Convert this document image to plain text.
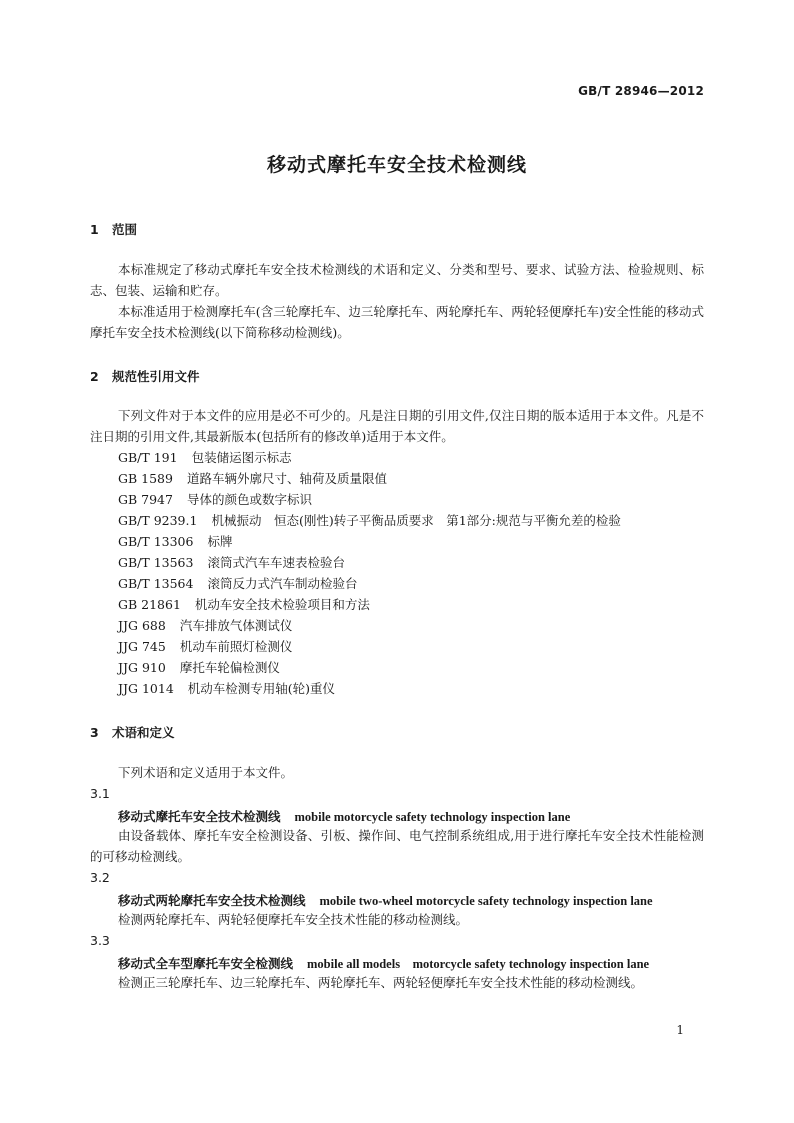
GB/T 28946—2012
移动式摩托车安全技术检测线
1 范围

本标准规定了移动式摩托车安全技术检测线的术语和定义、分类和型号、要求、试验方法、检验规则、标志、包装、运输和贮存。

本标准适用于检测摩托车(含三轮摩托车、边三轮摩托车、两轮摩托车、两轮轻便摩托车)安全性能的移动式摩托车安全技术检测线(以下简称移动检测线)。

2 规范性引用文件

下列文件对于本文件的应用是必不可少的。凡是注日期的引用文件,仅注日期的版本适用于本文件。凡是不注日期的引用文件,其最新版本(包括所有的修改单)适用于本文件。

GB/T 191 包装储运图示标志
GB 1589 道路车辆外廓尺寸、轴荷及质量限值
GB 7947 导体的颜色或数字标识
GB/T 9239.1 机械振动　恒态(刚性)转子平衡品质要求　第1部分:规范与平衡允差的检验
GB/T 13306 标牌
GB/T 13563 滚筒式汽车车速表检验台
GB/T 13564 滚筒反力式汽车制动检验台
GB 21861 机动车安全技术检验项目和方法
JJG 688 汽车排放气体测试仪
JJG 745 机动车前照灯检测仪
JJG 910 摩托车轮偏检测仪
JJG 1014 机动车检测专用轴(轮)重仪
3 术语和定义

下列术语和定义适用于本文件。

3.1
移动式摩托车安全技术检测线 mobile motorcycle safety technology inspection lane

由设备载体、摩托车安全检测设备、引板、操作间、电气控制系统组成,用于进行摩托车安全技术性能检测的可移动检测线。

3.2
移动式两轮摩托车安全技术检测线 mobile two-wheel motorcycle safety technology inspection lane

检测两轮摩托车、两轮轻便摩托车安全技术性能的移动检测线。

3.3
移动式全车型摩托车安全检测线 mobile all models　motorcycle safety technology inspection lane

检测正三轮摩托车、边三轮摩托车、两轮摩托车、两轮轻便摩托车安全技术性能的移动检测线。

1
